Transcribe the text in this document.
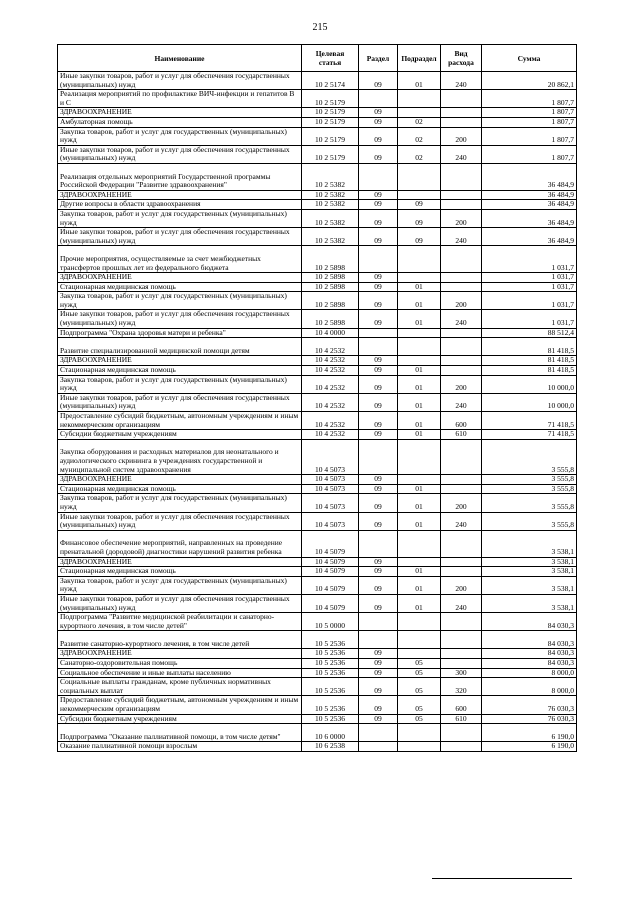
215
Наименование	Целевая статья	Раздел	Подраздел	Вид расхода	Сумма
Иные закупки товаров, работ и услуг для обеспечения государственных (муниципальных) нужд	10 2 5174	09	01	240	20 862,1
Реализация мероприятий по профилактике ВИЧ-инфекции и гепатитов В и С	10 2 5179				1 807,7
ЗДРАВООХРАНЕНИЕ	10 2 5179	09			1 807,7
Амбулаторная помощь	10 2 5179	09	02		1 807,7
Закупка товаров, работ и услуг для государственных (муниципальных) нужд	10 2 5179	09	02	200	1 807,7
Иные закупки товаров, работ и услуг для обеспечения государственных (муниципальных) нужд	10 2 5179	09	02	240	1 807,7
Реализация отдельных мероприятий Государственной программы Российской Федерации "Развитие здравоохранения"	10 2 5382				36 484,9
ЗДРАВООХРАНЕНИЕ	10 2 5382	09			36 484,9
Другие вопросы в области здравоохранения	10 2 5382	09	09		36 484,9
Закупка товаров, работ и услуг для государственных (муниципальных) нужд	10 2 5382	09	09	200	36 484,9
Иные закупки товаров, работ и услуг для обеспечения государственных (муниципальных) нужд	10 2 5382	09	09	240	36 484,9
Прочие мероприятия, осуществляемые за счет межбюджетных трансфертов прошлых лет из федерального бюджета	10 2 5898				1 031,7
ЗДРАВООХРАНЕНИЕ	10 2 5898	09			1 031,7
Стационарная медицинская помощь	10 2 5898	09	01		1 031,7
Закупка товаров, работ и услуг для государственных (муниципальных) нужд	10 2 5898	09	01	200	1 031,7
Иные закупки товаров, работ и услуг для обеспечения государственных (муниципальных) нужд	10 2 5898	09	01	240	1 031,7
Подпрограмма "Охрана здоровья матери и ребенка"	10 4 0000				88 512,4
Развитие специализированной медицинской помощи детям	10 4 2532				81 418,5
ЗДРАВООХРАНЕНИЕ	10 4 2532	09			81 418,5
Стационарная медицинская помощь	10 4 2532	09	01		81 418,5
Закупка товаров, работ и услуг для государственных (муниципальных) нужд	10 4 2532	09	01	200	10 000,0
Иные закупки товаров, работ и услуг для обеспечения государственных (муниципальных) нужд	10 4 2532	09	01	240	10 000,0
Предоставление субсидий бюджетным, автономным учреждениям и иным некоммерческим организациям	10 4 2532	09	01	600	71 418,5
Субсидии бюджетным учреждениям	10 4 2532	09	01	610	71 418,5
Закупка оборудования и расходных материалов для неонатального и аудиологического скрининга в учреждениях государственной и муниципальной систем здравоохранения	10 4 5073				3 555,8
ЗДРАВООХРАНЕНИЕ	10 4 5073	09			3 555,8
Стационарная медицинская помощь	10 4 5073	09	01		3 555,8
Закупка товаров, работ и услуг для государственных (муниципальных) нужд	10 4 5073	09	01	200	3 555,8
Иные закупки товаров, работ и услуг для обеспечения государственных (муниципальных) нужд	10 4 5073	09	01	240	3 555,8
Финансовое обеспечение мероприятий, направленных на проведение пренатальной (дородовой) диагностики нарушений развития ребенка	10 4 5079				3 538,1
ЗДРАВООХРАНЕНИЕ	10 4 5079	09			3 538,1
Стационарная медицинская помощь	10 4 5079	09	01		3 538,1
Закупка товаров, работ и услуг для государственных (муниципальных) нужд	10 4 5079	09	01	200	3 538,1
Иные закупки товаров, работ и услуг для обеспечения государственных (муниципальных) нужд	10 4 5079	09	01	240	3 538,1
Подпрограмма "Развитие медицинской реабилитации и санаторно-курортного лечения, в том числе детей"	10 5 0000				84 030,3
Развитие санаторно-курортного лечения, в том числе детей	10 5 2536				84 030,3
ЗДРАВООХРАНЕНИЕ	10 5 2536	09			84 030,3
Санаторно-оздоровительная помощь	10 5 2536	09	05		84 030,3
Социальное обеспечение и иные выплаты населению	10 5 2536	09	05	300	8 000,0
Социальные выплаты гражданам, кроме публичных нормативных социальных выплат	10 5 2536	09	05	320	8 000,0
Предоставление субсидий бюджетным, автономным учреждениям и иным некоммерческим организациям	10 5 2536	09	05	600	76 030,3
Субсидии бюджетным учреждениям	10 5 2536	09	05	610	76 030,3
Подпрограмма "Оказание паллиативной помощи, в том числе детям"	10 6 0000				6 190,0
Оказание паллиативной помощи взрослым	10 6 2538				6 190,0
